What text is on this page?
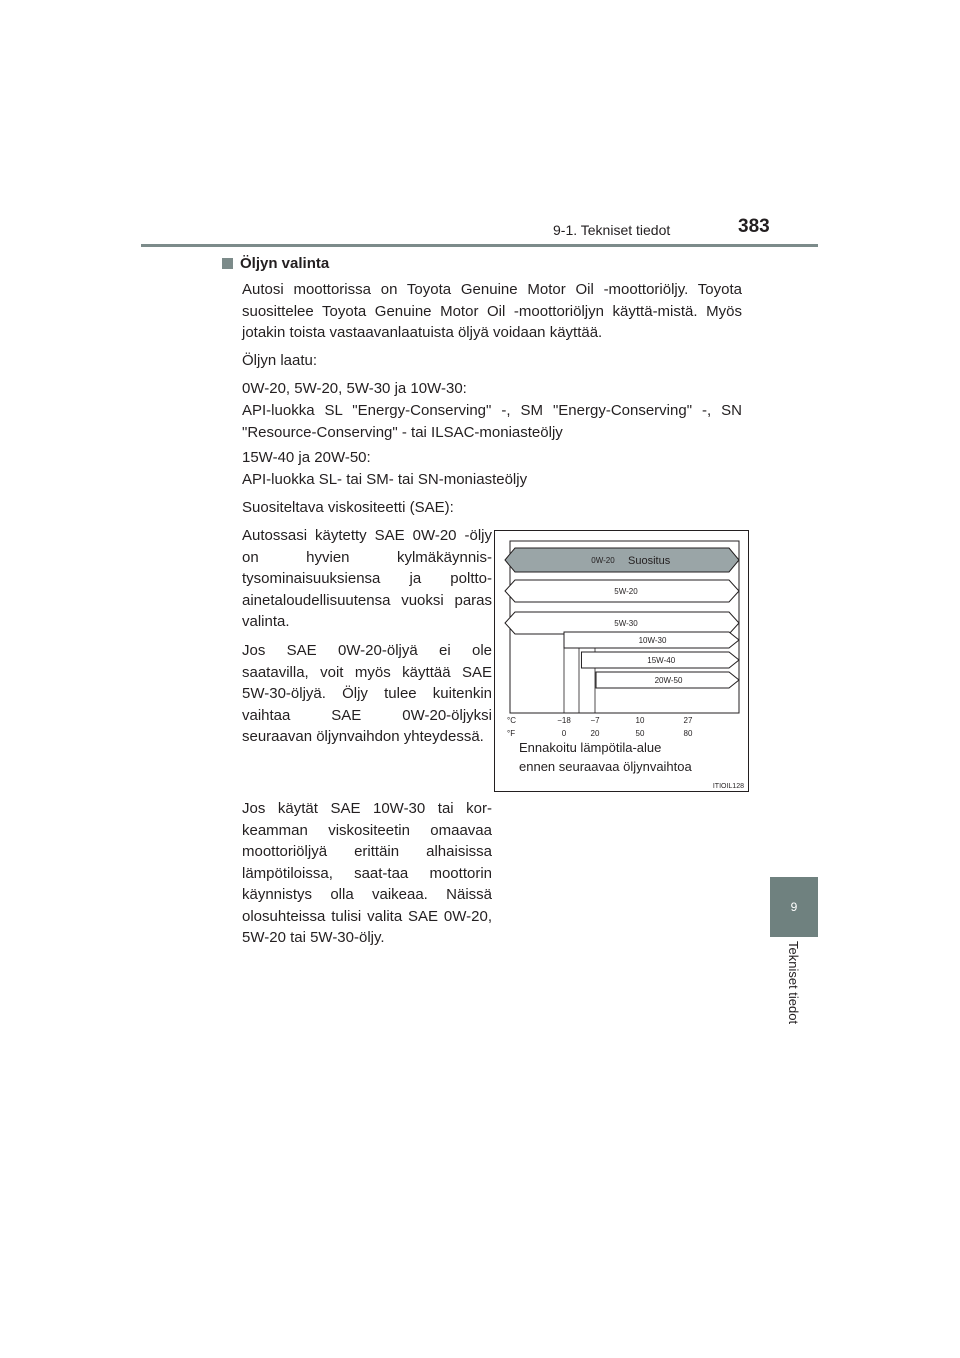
9-1. Tekniset tiedot	383
9
Tekniset tiedot
Öljyn valinta
Autosi moottorissa on Toyota Genuine Motor Oil -moottoriöljy. Toyota suosittelee Toyota Genuine Motor Oil -moottoriöljyn käyttä-mistä. Myös jotakin toista vastaavanlaatuista öljyä voidaan käyttää.
Öljyn laatu:
0W-20, 5W-20, 5W-30 ja 10W-30:
API-luokka SL "Energy-Conserving" -, SM "Energy-Conserving" -, SN "Resource-Conserving" - tai ILSAC-moniasteöljy
15W-40 ja 20W-50:
API-luokka SL- tai SM- tai SN-moniasteöljy
Suositeltava viskositeetti (SAE):
Autossasi käytetty SAE 0W-20 -öljy on hyvien kylmäkäynnis-tysominaisuuksiensa ja poltto-ainetaloudellisuutensa vuoksi paras valinta.
Jos SAE 0W-20-öljyä ei ole saatavilla, voit myös käyttää SAE 5W-30-öljyä. Öljy tulee kuitenkin vaihtaa SAE 0W-20-öljyksi seuraavan öljynvaihdon yhteydessä.
Jos käytät SAE 10W-30 tai kor-keamman viskositeetin omaavaa moottoriöljyä erittäin alhaisissa lämpötiloissa, saat-taa moottorin käynnistys olla vaikeaa. Näissä olosuhteissa tulisi valita SAE 0W-20, 5W-20 tai 5W-30-öljy.
0W-20 Suositus
5W-20
5W-30
10W-30
15W-40
20W-50
°C
°F
−18 −7	10	27
0	20	50	80
Ennakoitu lämpötila-alue
ennen seuraavaa öljynvaihtoa
ITIOIL128
